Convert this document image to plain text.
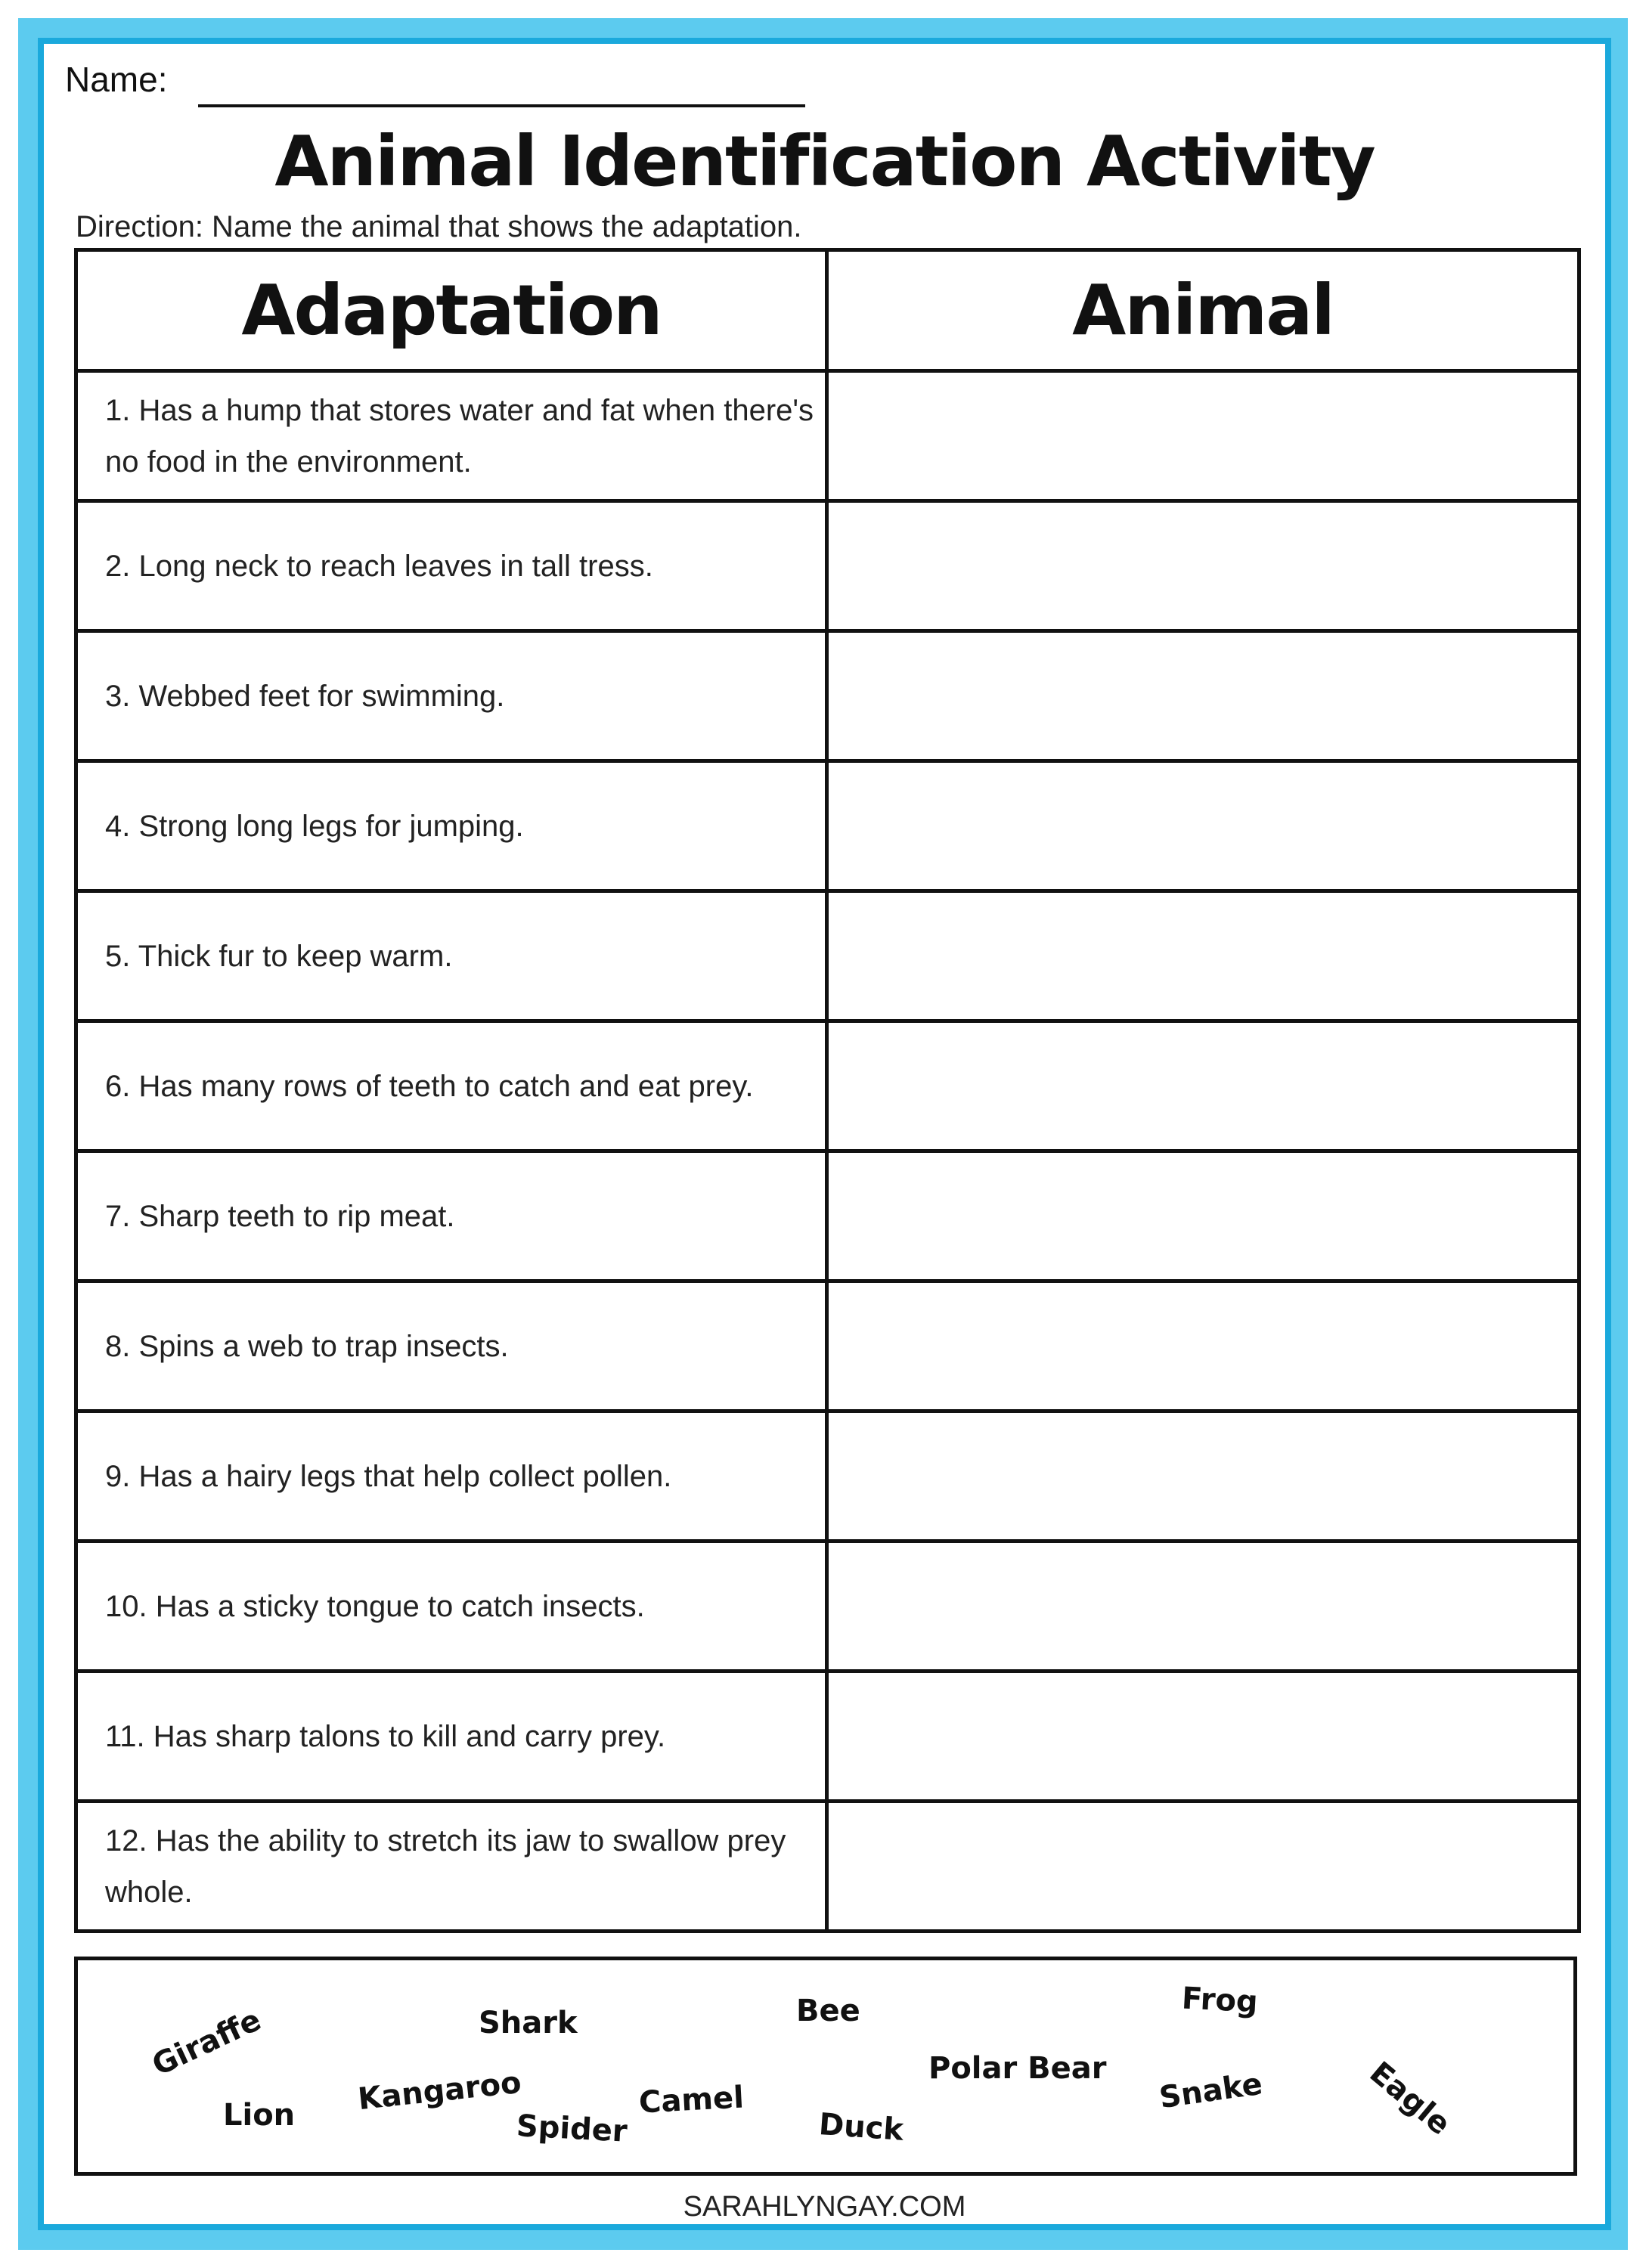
Name:
Animal Identification Activity
Direction: Name the animal that shows the adaptation.
Adaptation	Animal
1. Has a hump that stores water and fat when there's no food in the environment.	
2. Long neck to reach leaves in tall tress.	
3. Webbed feet for swimming.	
4. Strong long legs for jumping.	
5. Thick fur to keep warm.	
6. Has many rows of teeth to catch and eat prey.	
7. Sharp teeth to rip meat.	
8. Spins a web to trap insects.	
9. Has a hairy legs that help collect pollen.	
10. Has a sticky tongue to catch insects.	
11. Has sharp talons to kill and carry prey.	
12. Has the ability to stretch its jaw to swallow prey whole.	
Giraffe
Lion Kangaroo
Shark
Spider
Camel
Bee
Duck
Polar Bear
Frog
Snake	Eagle
SARAHLYNGAY.COM
